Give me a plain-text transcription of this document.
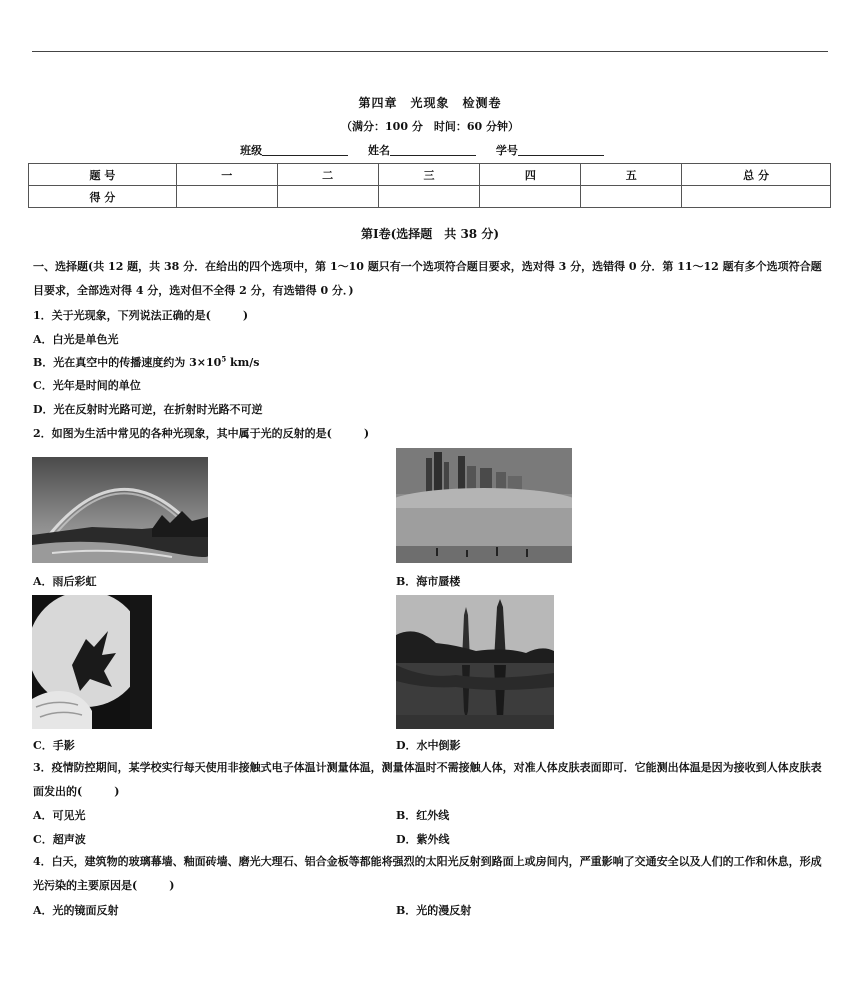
第四章　光现象　检测卷
（满分：100 分　时间：60 分钟）
班级	姓名	学号
题 号	一	二	三	四	五	总 分
得 分						
第Ⅰ卷(选择题　共 38 分)
一、选择题(共 12 题，共 38 分．在给出的四个选项中，第 1～10 题只有一个选项符合题目要求，选对得 3 分，选错得 0 分．第 11～12 题有多个选项符合题目要求，全部选对得 4 分，选对但不全得 2 分，有选错得 0 分．)
1．关于光现象，下列说法正确的是(	)
A．白光是单色光
B．光在真空中的传播速度约为 $3\times 10^5$ km/s
C．光年是时间的单位
D．光在反射时光路可逆，在折射时光路不可逆
2．如图为生活中常见的各种光现象，其中属于光的反射的是(	)
A．雨后彩虹	B．海市蜃楼
C．手影	D．水中倒影
3．疫情防控期间，某学校实行每天使用非接触式电子体温计测量体温，测量体温时不需接触人体，对准人体皮肤表面即可．它能测出体温是因为接收到人体皮肤表面发出的(	)
A．可见光	B．红外线
C．超声波	D．紫外线
4．白天，建筑物的玻璃幕墙、釉面砖墙、磨光大理石、铝合金板等都能将强烈的太阳光反射到路面上或房间内，严重影响了交通安全以及人们的工作和休息，形成光污染的主要原因是(	)
A．光的镜面反射	B．光的漫反射
